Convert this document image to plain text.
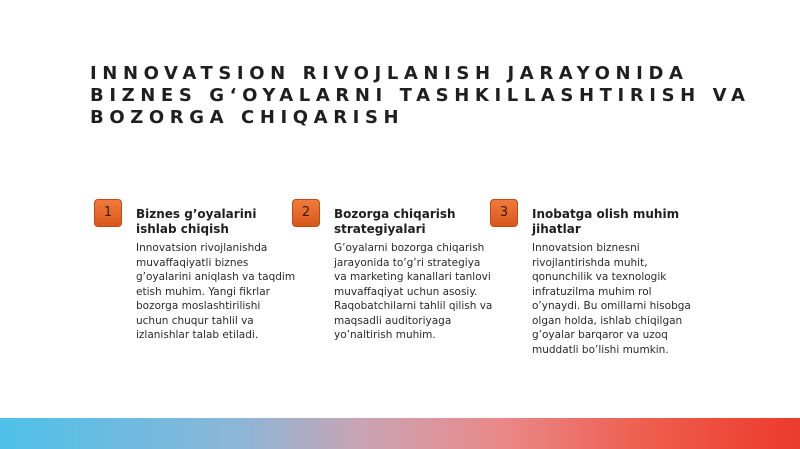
INNOVATSION RIVOJLANISH JARAYONIDA
BIZNES G‘OYALARNI TASHKILLASHTIRISH VA
BOZORGA CHIQARISH
1	Biznes g’oyalarini ishlab chiqish
Innovatsion rivojlanishda muvaffaqiyatli biznes g’oyalarini aniqlash va taqdim etish muhim. Yangi fikrlar bozorga moslashtirilishi uchun chuqur tahlil va izlanishlar talab etiladi.
2	Bozorga chiqarish strategiyalari
G’oyalarni bozorga chiqarish jarayonida to’g’ri strategiya va marketing kanallari tanlovi muvaffaqiyat uchun asosiy. Raqobatchilarni tahlil qilish va maqsadli auditoriyaga yo’naltirish muhim.
3	Inobatga olish muhim jihatlar
Innovatsion biznesni rivojlantirishda muhit, qonunchilik va texnologik infratuzilma muhim rol o’ynaydi. Bu omillarni hisobga olgan holda, ishlab chiqilgan g’oyalar barqaror va uzoq muddatli bo’lishi mumkin.
